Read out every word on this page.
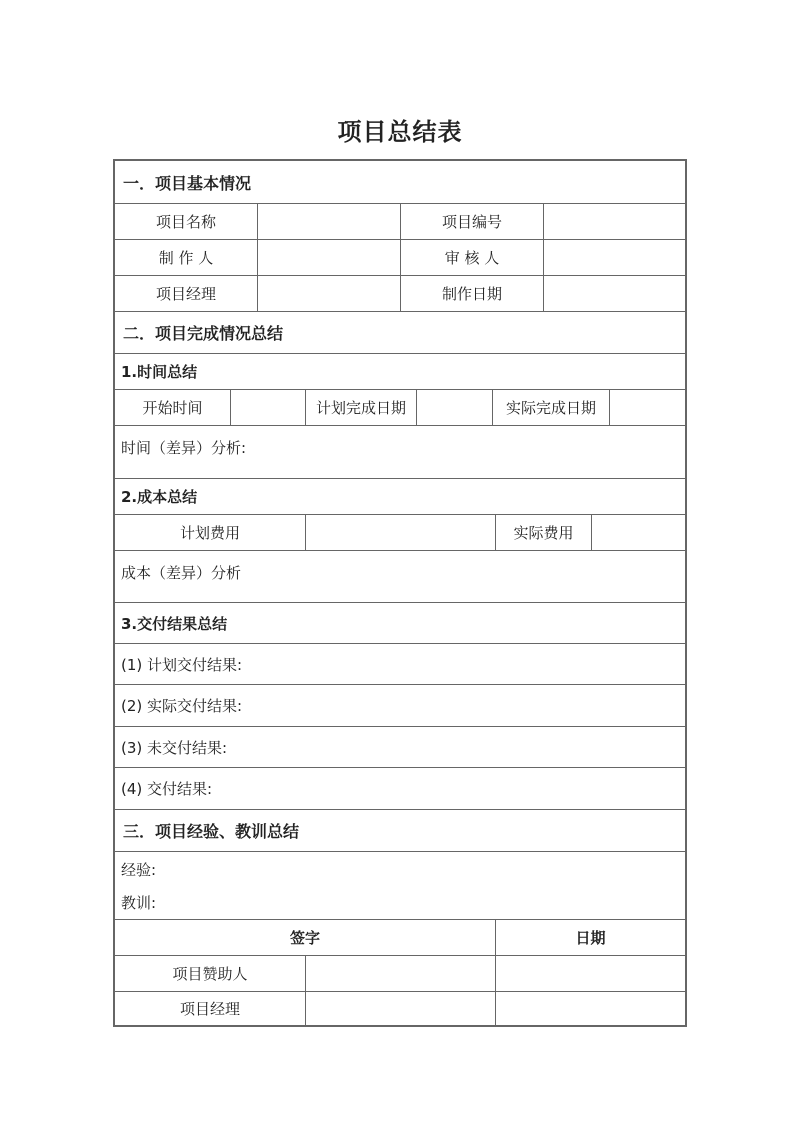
项目总结表
一．项目基本情况
项目名称	项目编号
制 作 人	审 核 人
项目经理	制作日期
二．项目完成情况总结
1.时间总结
开始时间	计划完成日期	实际完成日期
时间（差异）分析:
2.成本总结
计划费用	实际费用
成本（差异）分析
3.交付结果总结
(1) 计划交付结果:
(2) 实际交付结果:
(3) 未交付结果:
(4) 交付结果:
三．项目经验、教训总结
经验:
教训:
签字	日期
项目赞助人
项目经理
